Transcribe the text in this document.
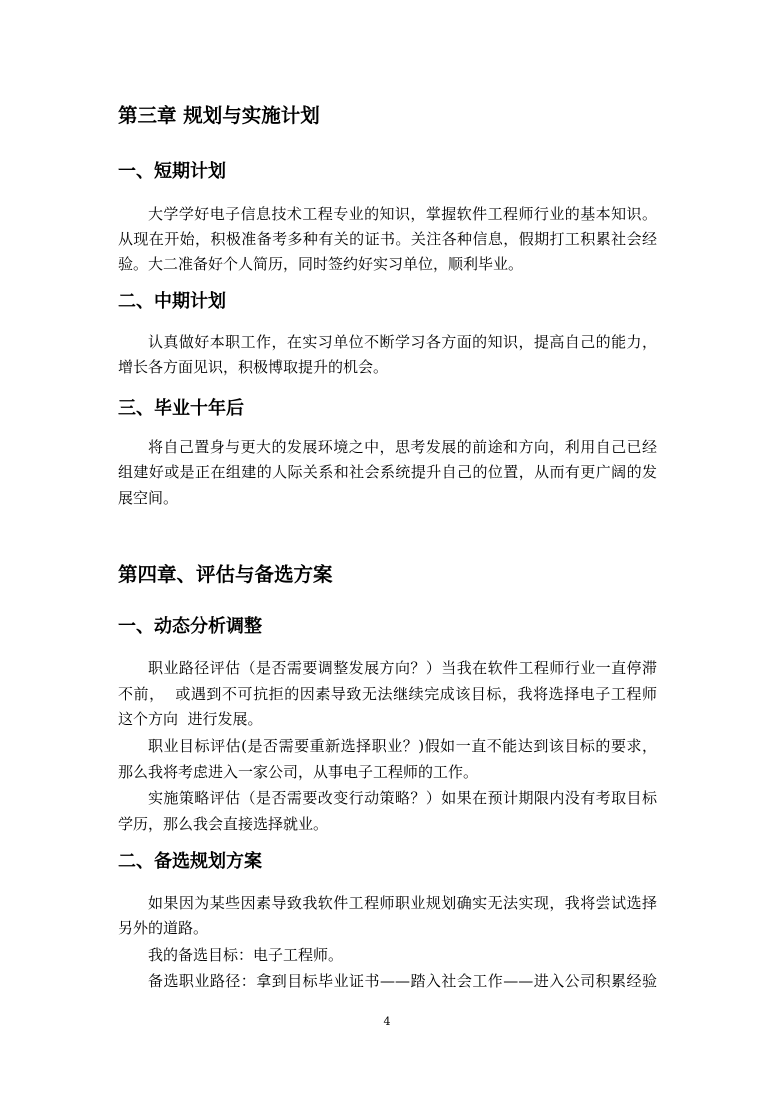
第三章 规划与实施计划
一、短期计划
大学学好电子信息技术工程专业的知识，掌握软件工程师行业的基本知识。
从现在开始，积极准备考多种有关的证书。关注各种信息，假期打工积累社会经
验。大二准备好个人简历，同时签约好实习单位，顺利毕业。
二、中期计划
认真做好本职工作，在实习单位不断学习各方面的知识，提高自己的能力，
增长各方面见识，积极博取提升的机会。
三、毕业十年后
将自己置身与更大的发展环境之中，思考发展的前途和方向，利用自己已经
组建好或是正在组建的人际关系和社会系统提升自己的位置，从而有更广阔的发
展空间。
第四章、评估与备选方案
一、动态分析调整
职业路径评估（是否需要调整发展方向？）当我在软件工程师行业一直停滞
不前，  或遇到不可抗拒的因素导致无法继续完成该目标，我将选择电子工程师
这个方向  进行发展。
职业目标评估(是否需要重新选择职业？)假如一直不能达到该目标的要求，
那么我将考虑进入一家公司，从事电子工程师的工作。
实施策略评估（是否需要改变行动策略？）如果在预计期限内没有考取目标
学历，那么我会直接选择就业。
二、备选规划方案
如果因为某些因素导致我软件工程师职业规划确实无法实现，我将尝试选择
另外的道路。
我的备选目标：电子工程师。
备选职业路径：拿到目标毕业证书——踏入社会工作——进入公司积累经验
4
